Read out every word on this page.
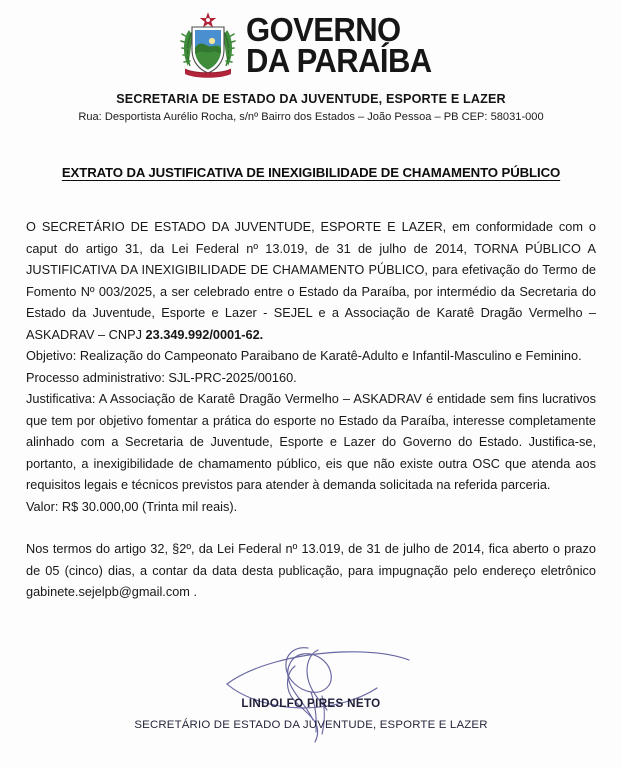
GOVERNO
DA PARAÍBA
SECRETARIA DE ESTADO DA JUVENTUDE, ESPORTE E LAZER
Rua: Desportista Aurélio Rocha, s/nº Bairro dos Estados – João Pessoa – PB CEP: 58031-000
EXTRATO DA JUSTIFICATIVA DE INEXIGIBILIDADE DE CHAMAMENTO PÚBLICO

O SECRETÁRIO DE ESTADO DA JUVENTUDE, ESPORTE E LAZER, em conformidade com o caput do artigo 31, da Lei Federal nº 13.019, de 31 de julho de 2014, TORNA PÚBLICO A JUSTIFICATIVA DA INEXIGIBILIDADE DE CHAMAMENTO PÚBLICO, para efetivação do Termo de Fomento Nº 003/2025, a ser celebrado entre o Estado da Paraíba, por intermédio da Secretaria do Estado da Juventude, Esporte e Lazer - SEJEL e a Associação de Karatê Dragão Vermelho – ASKADRAV – CNPJ 23.349.992/0001-62.

Objetivo: Realização do Campeonato Paraibano de Karatê-Adulto e Infantil-Masculino e Feminino.

Processo administrativo: SJL-PRC-2025/00160.

Justificativa: A Associação de Karatê Dragão Vermelho – ASKADRAV é entidade sem fins lucrativos que tem por objetivo fomentar a prática do esporte no Estado da Paraíba, interesse completamente alinhado com a Secretaria de Juventude, Esporte e Lazer do Governo do Estado. Justifica-se, portanto, a inexigibilidade de chamamento público, eis que não existe outra OSC que atenda aos requisitos legais e técnicos previstos para atender à demanda solicitada na referida parceria.

Valor: R$ 30.000,00 (Trinta mil reais).

Nos termos do artigo 32, §2º, da Lei Federal nº 13.019, de 31 de julho de 2014, fica aberto o prazo de 05 (cinco) dias, a contar da data desta publicação, para impugnação pelo endereço eletrônico gabinete.sejelpb@gmail.com .

LINDOLFO PIRES NETO
SECRETÁRIO DE ESTADO DA JUVENTUDE, ESPORTE E LAZER
